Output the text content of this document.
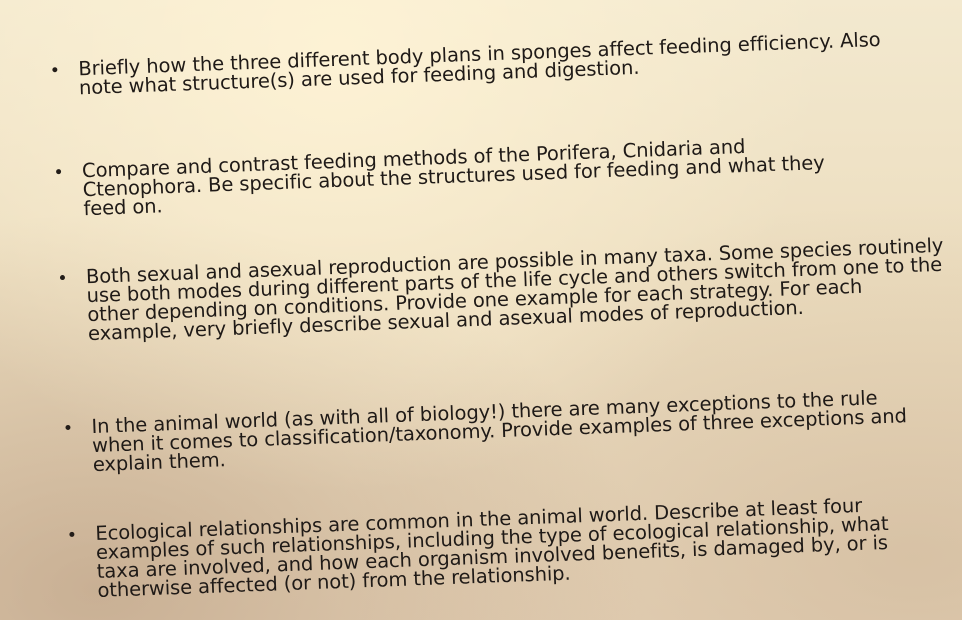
Briefly how the three different body plans in sponges affect feeding efficiency. Also note what structure(s) are used for feeding and digestion.
Compare and contrast feeding methods of the Porifera, Cnidaria and Ctenophora. Be specific about the structures used for feeding and what they feed on.
Both sexual and asexual reproduction are possible in many taxa. Some species routinely use both modes during different parts of the life cycle and others switch from one to the other depending on conditions. Provide one example for each strategy. For each example, very briefly describe sexual and asexual modes of reproduction.
In the animal world (as with all of biology!) there are many exceptions to the rule when it comes to classification/taxonomy. Provide examples of three exceptions and explain them.
Ecological relationships are common in the animal world. Describe at least four examples of such relationships, including the type of ecological relationship, what taxa are involved, and how each organism involved benefits, is damaged by, or is otherwise affected (or not) from the relationship.
